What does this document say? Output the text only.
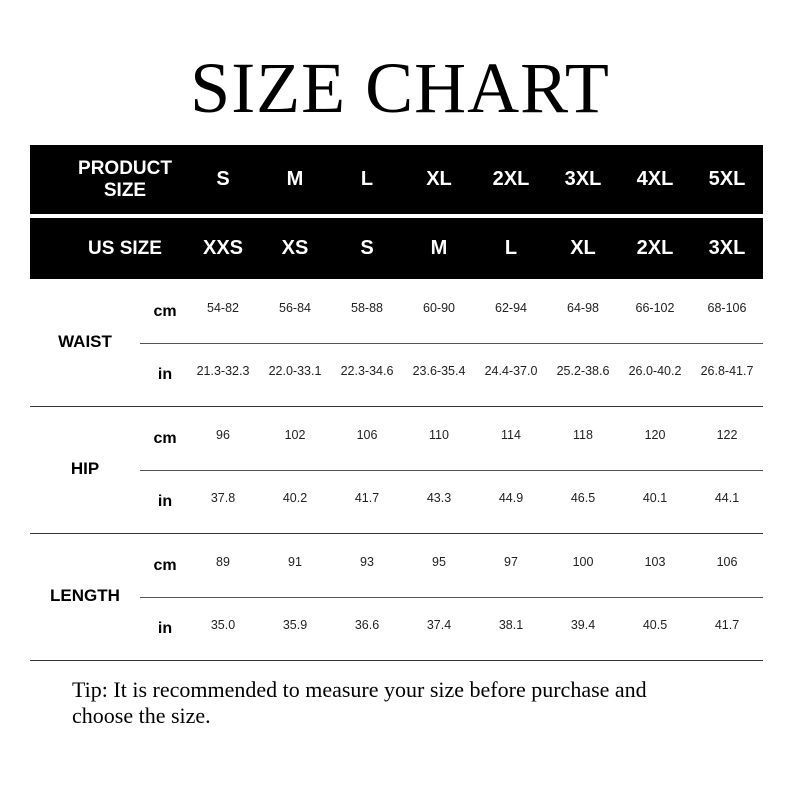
SIZE CHART
PRODUCT
SIZE	S	M	L	XL	2XL	3XL	4XL	5XL
US SIZE	XXS	XS	S	M	L	XL	2XL	3XL
WAIST
cm	54-82	56-84	58-88	60-90	62-94	64-98	66-102	68-106
in	21.3-32.3	22.0-33.1	22.3-34.6	23.6-35.4	24.4-37.0	25.2-38.6	26.0-40.2	26.8-41.7
HIP
cm	96	102	106	110	114	118	120	122
in	37.8	40.2	41.7	43.3	44.9	46.5	40.1	44.1
LENGTH
cm	89	91	93	95	97	100	103	106
in	35.0	35.9	36.6	37.4	38.1	39.4	40.5	41.7
Tip: It is recommended to measure your size before purchase and choose the size.
